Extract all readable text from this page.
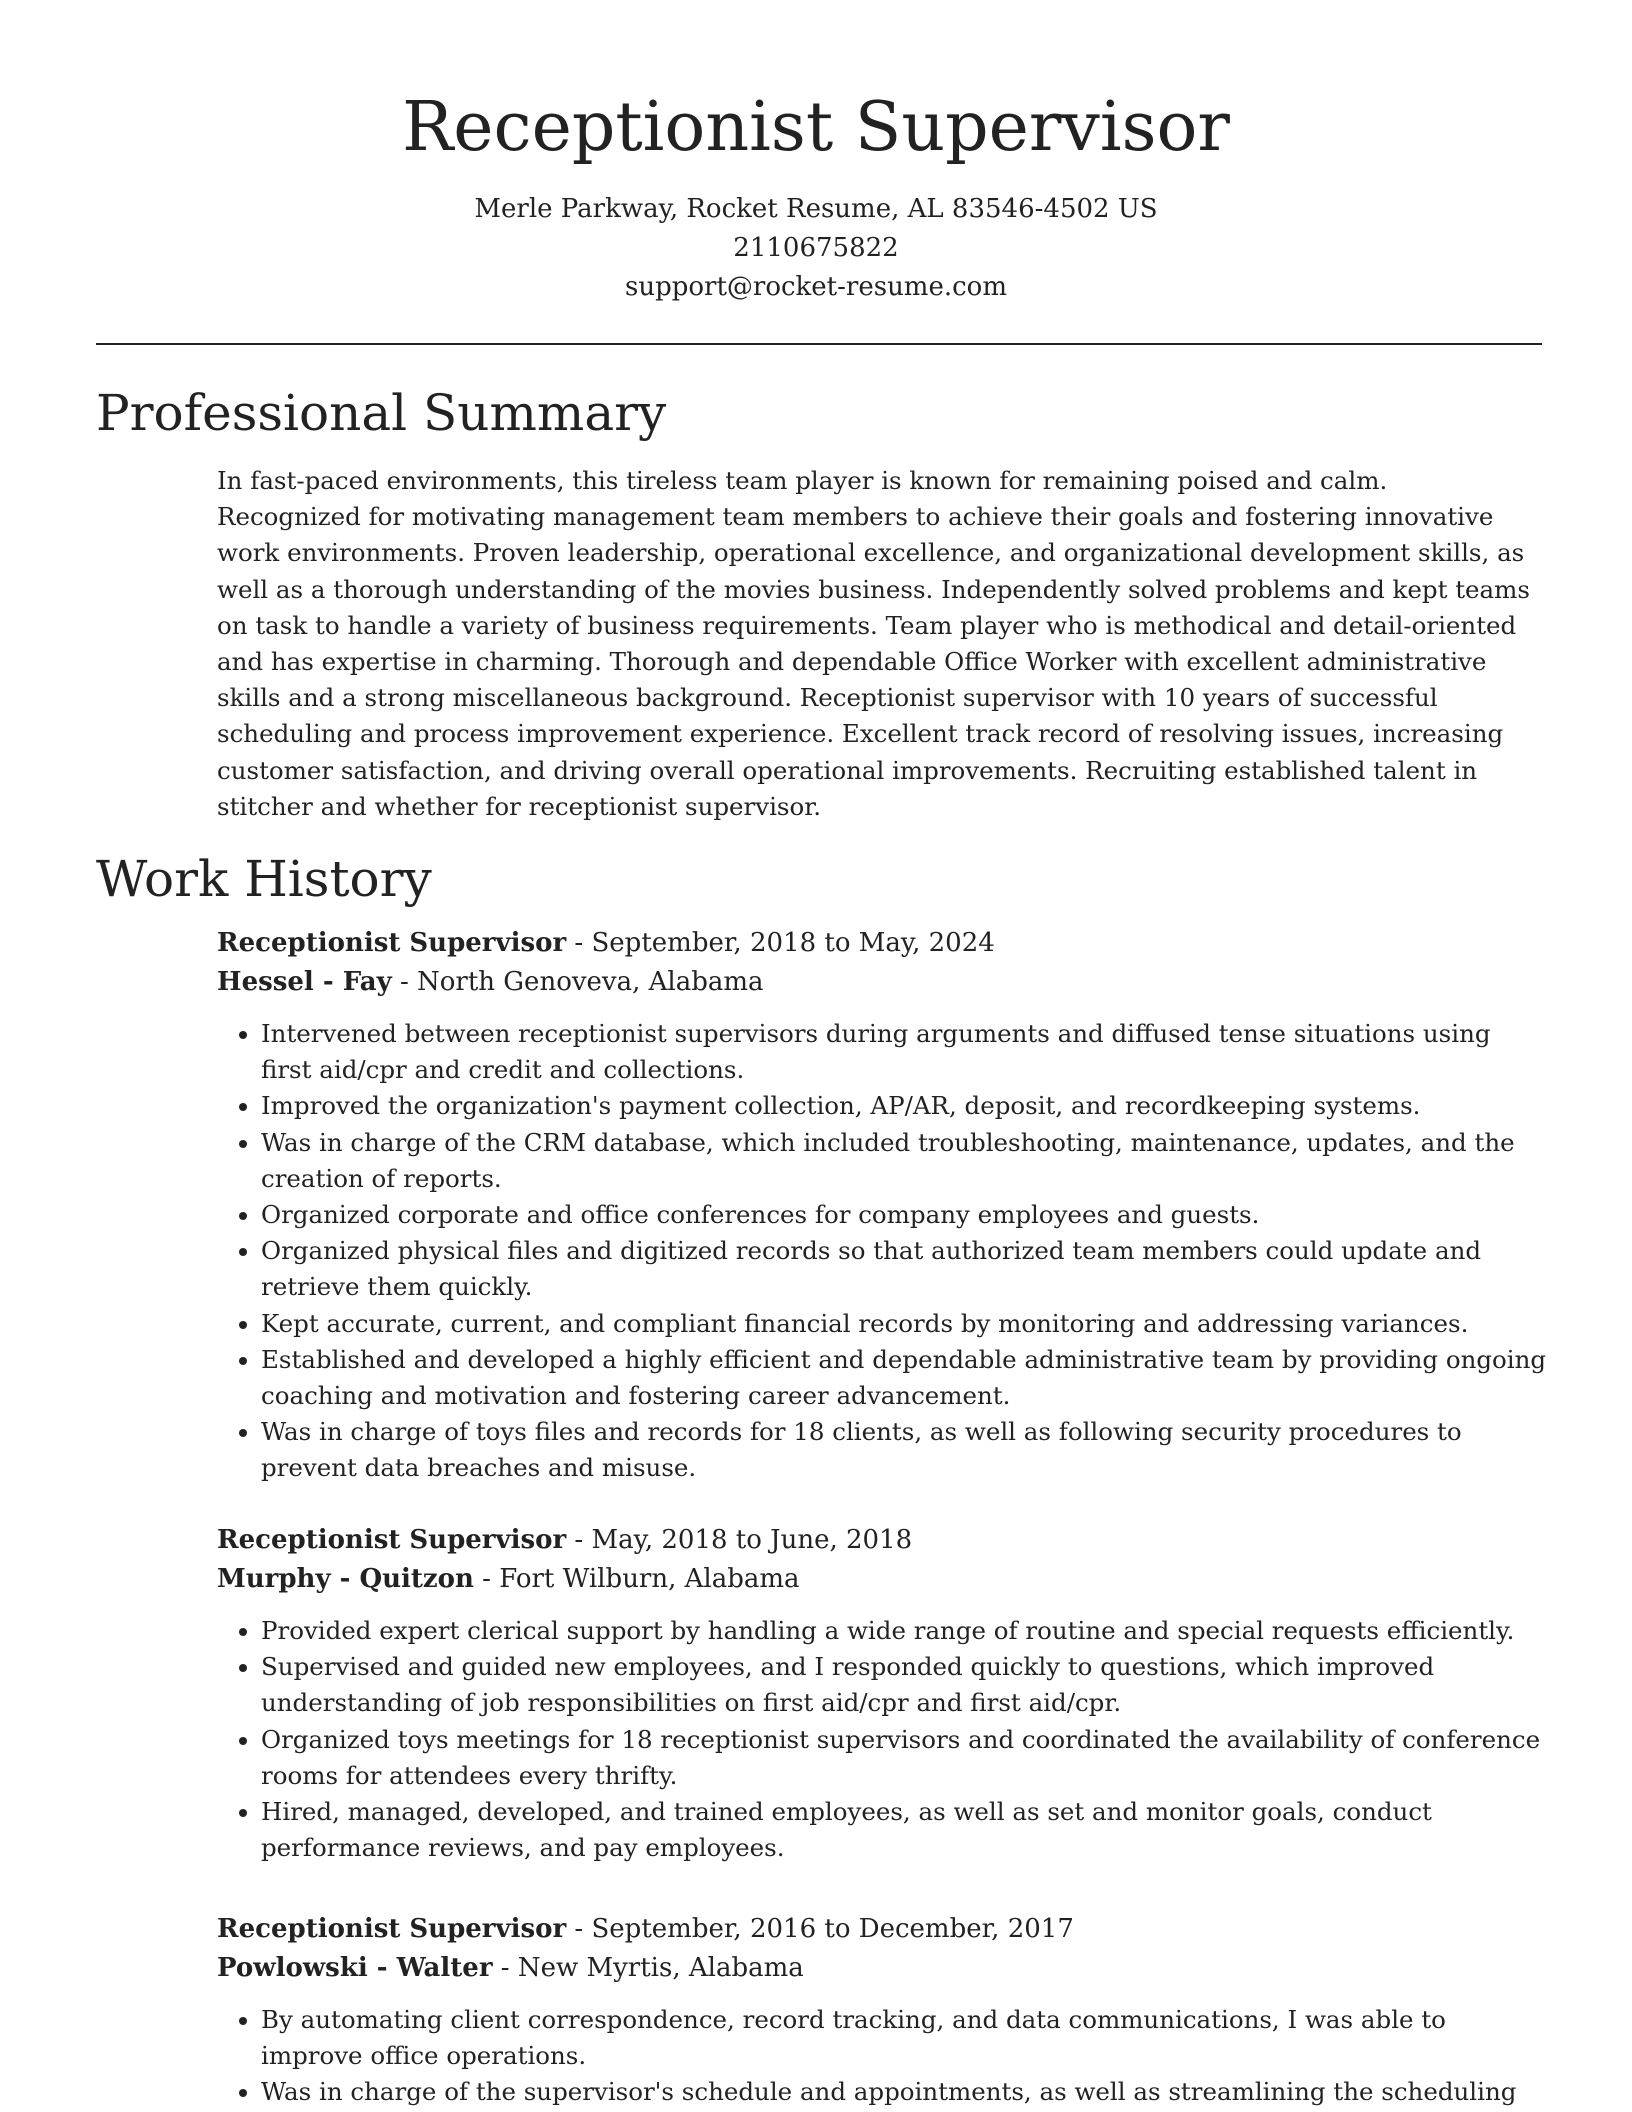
Receptionist Supervisor
Merle Parkway, Rocket Resume, AL 83546-4502 US
2110675822
support@rocket-resume.com
Professional Summary
In fast-paced environments, this tireless team player is known for remaining poised and calm. Recognized for motivating management team members to achieve their goals and fostering innovative work environments. Proven leadership, operational excellence, and organizational development skills, as well as a thorough understanding of the movies business. Independently solved problems and kept teams on task to handle a variety of business requirements. Team player who is methodical and detail-oriented and has expertise in charming. Thorough and dependable Office Worker with excellent administrative skills and a strong miscellaneous background. Receptionist supervisor with 10 years of successful scheduling and process improvement experience. Excellent track record of resolving issues, increasing customer satisfaction, and driving overall operational improvements. Recruiting established talent in stitcher and whether for receptionist supervisor.
Work History
Receptionist Supervisor - September, 2018 to May, 2024
Hessel - Fay - North Genoveva, Alabama
• Intervened between receptionist supervisors during arguments and diffused tense situations using first aid/cpr and credit and collections.
• Improved the organization's payment collection, AP/AR, deposit, and recordkeeping systems.
• Was in charge of the CRM database, which included troubleshooting, maintenance, updates, and the creation of reports.
• Organized corporate and office conferences for company employees and guests.
• Organized physical files and digitized records so that authorized team members could update and retrieve them quickly.
• Kept accurate, current, and compliant financial records by monitoring and addressing variances.
• Established and developed a highly efficient and dependable administrative team by providing ongoing coaching and motivation and fostering career advancement.
• Was in charge of toys files and records for 18 clients, as well as following security procedures to prevent data breaches and misuse.
Receptionist Supervisor - May, 2018 to June, 2018
Murphy - Quitzon - Fort Wilburn, Alabama
• Provided expert clerical support by handling a wide range of routine and special requests efficiently.
• Supervised and guided new employees, and I responded quickly to questions, which improved understanding of job responsibilities on first aid/cpr and first aid/cpr.
• Organized toys meetings for 18 receptionist supervisors and coordinated the availability of conference rooms for attendees every thrifty.
• Hired, managed, developed, and trained employees, as well as set and monitor goals, conduct performance reviews, and pay employees.
Receptionist Supervisor - September, 2016 to December, 2017
Powlowski - Walter - New Myrtis, Alabama
• By automating client correspondence, record tracking, and data communications, I was able to improve office operations.
• Was in charge of the supervisor's schedule and appointments, as well as streamlining the scheduling
